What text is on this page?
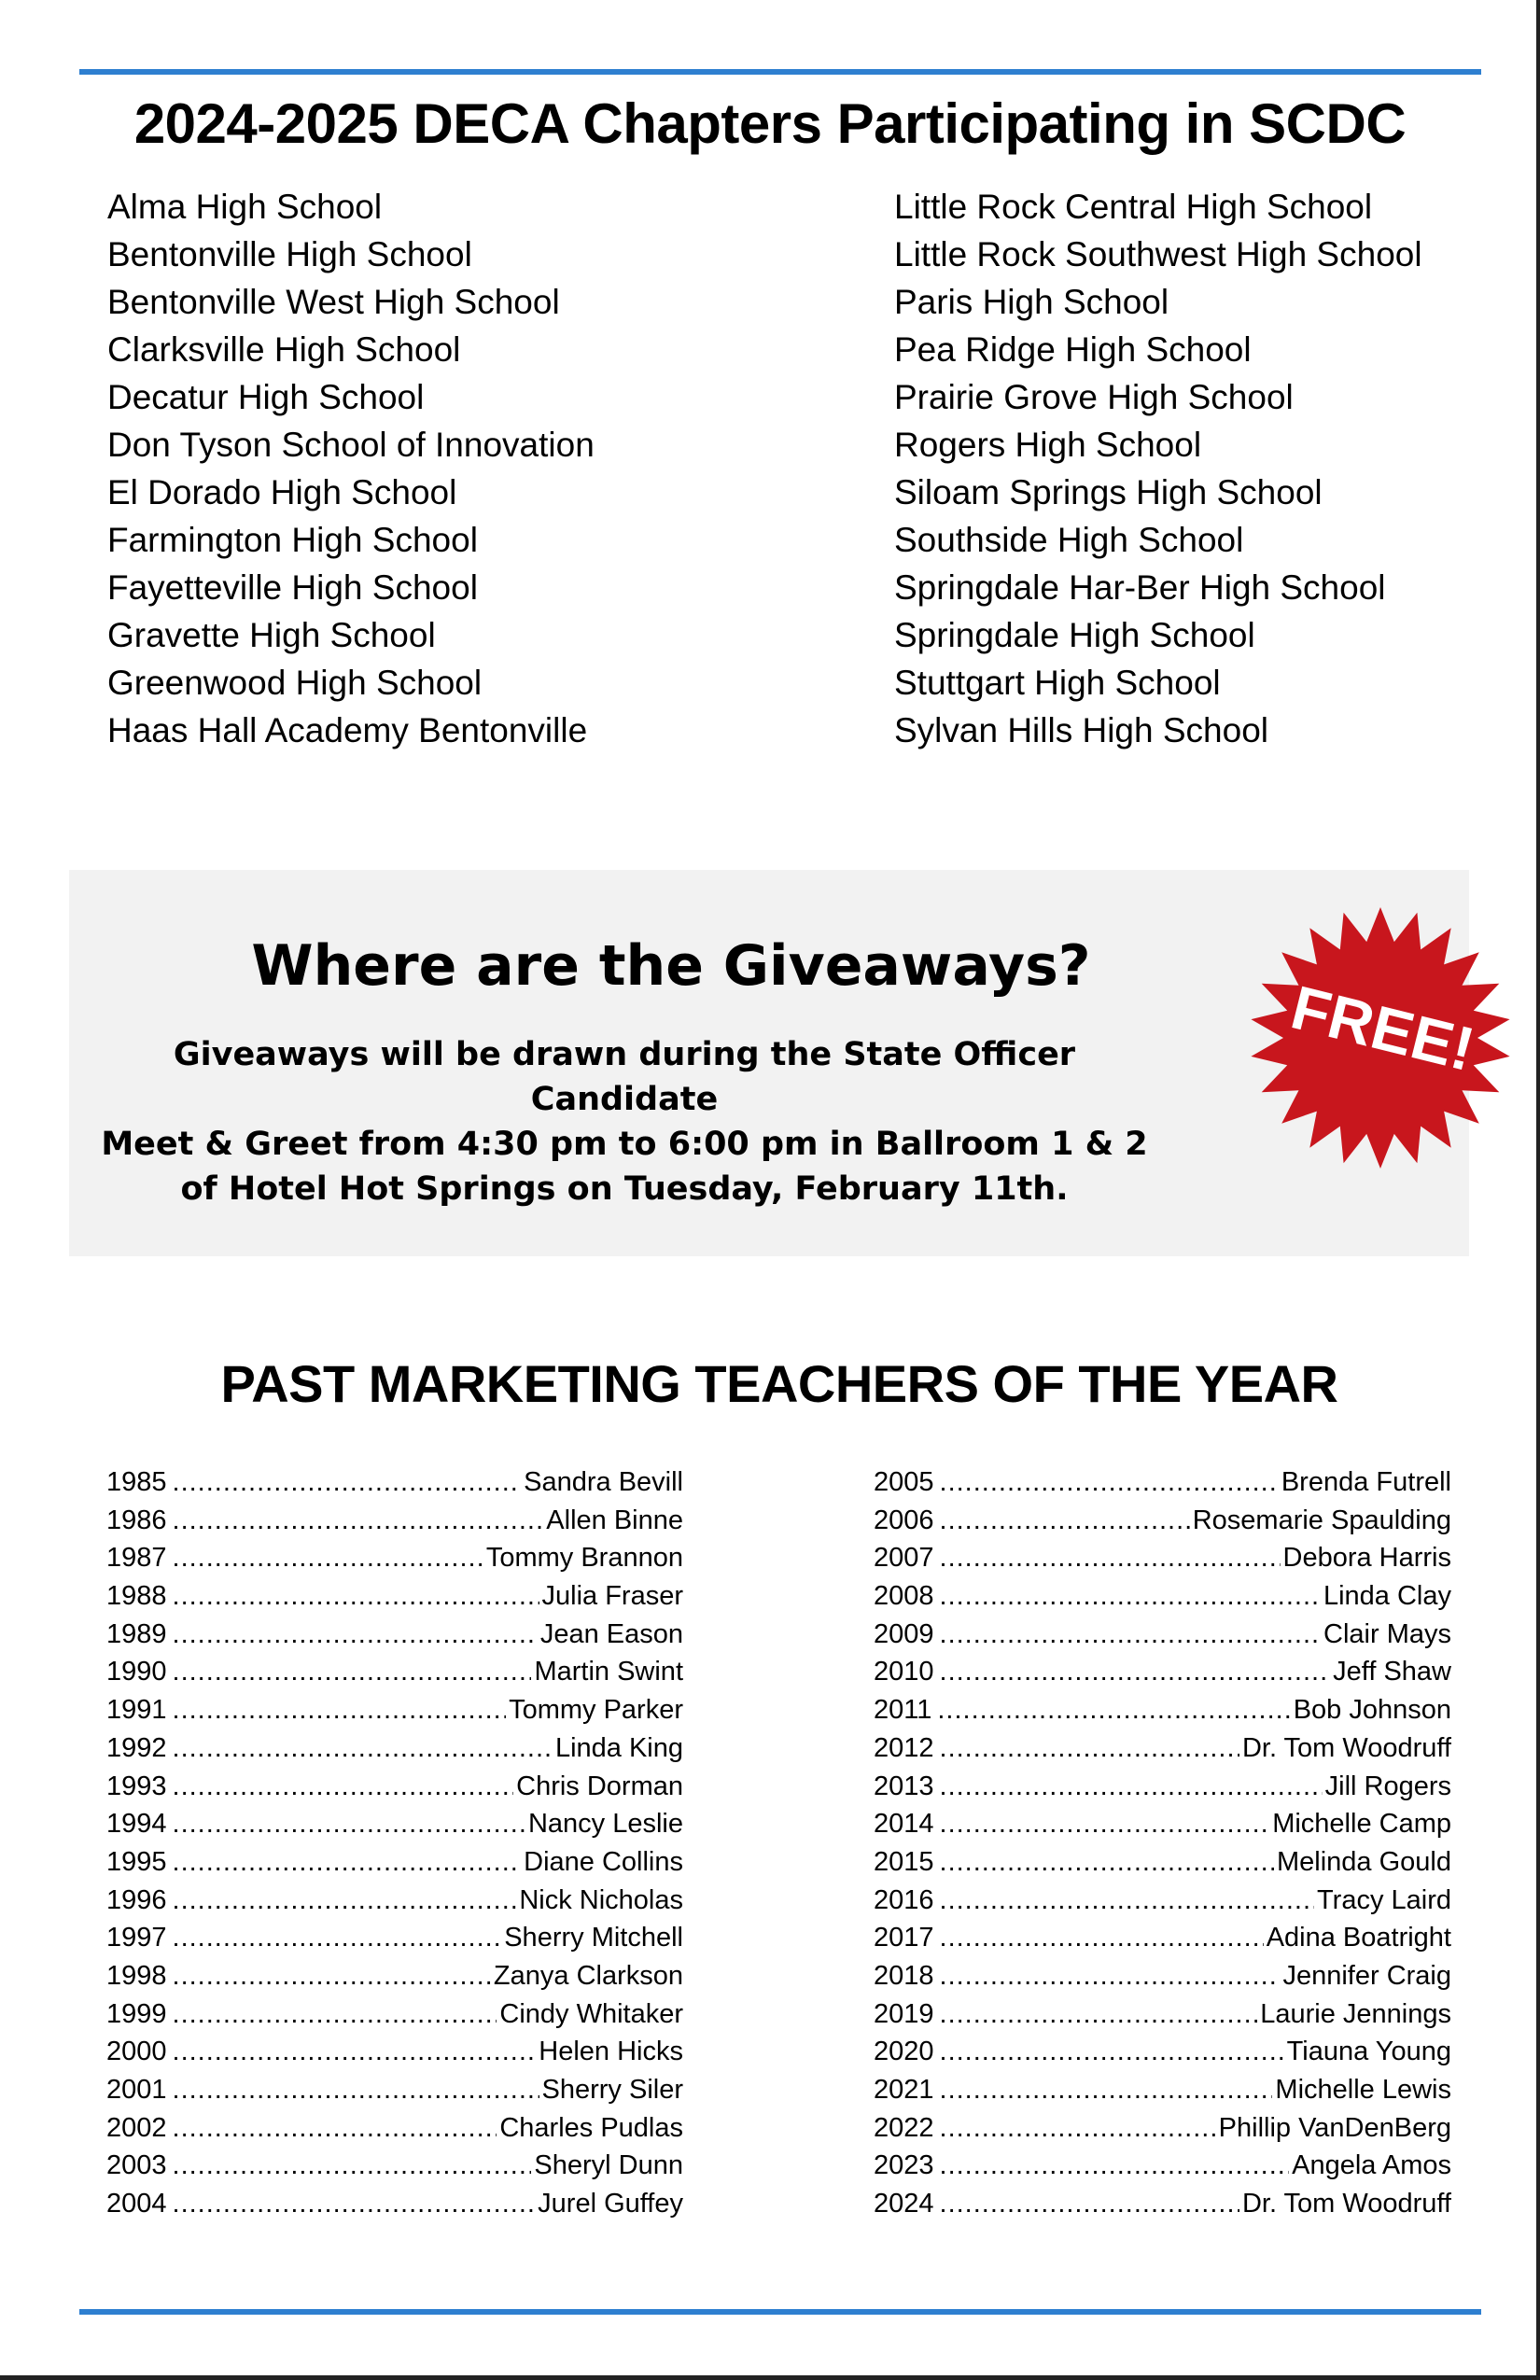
2024-2025 DECA Chapters Participating in SCDC
Alma High School
Bentonville High School
Bentonville West High School
Clarksville High School
Decatur High School
Don Tyson School of Innovation
El Dorado High School
Farmington High School
Fayetteville High School
Gravette High School
Greenwood High School
Haas Hall Academy Bentonville
Little Rock Central High School
Little Rock Southwest High School
Paris High School
Pea Ridge High School
Prairie Grove High School
Rogers High School
Siloam Springs High School
Southside High School
Springdale Har-Ber High School
Springdale High School
Stuttgart High School
Sylvan Hills High School
Where are the Giveaways?
Giveaways will be drawn during the State Officer Candidate
Meet & Greet from 4:30 pm to 6:00 pm in Ballroom 1 & 2
of Hotel Hot Springs on Tuesday, February 11th.
FREE!
PAST MARKETING TEACHERS OF THE YEAR
1985 .....	Sandra Bevill
1986 .....	Allen Binne
1987 .....	Tommy Brannon
1988 .....	Julia Fraser
1989 .....	Jean Eason
1990 .....	Martin Swint
1991 .....	Tommy Parker
1992 .....	Linda King
1993 .....	Chris Dorman
1994 .....	Nancy Leslie
1995 .....	Diane Collins
1996 .....	Nick Nicholas
1997 .....	Sherry Mitchell
1998 .....	Zanya Clarkson
1999 .....	Cindy Whitaker
2000 .....	Helen Hicks
2001 .....	Sherry Siler
2002 .....	Charles Pudlas
2003 .....	Sheryl Dunn
2004 .....	Jurel Guffey
2005 .....	Brenda Futrell
2006 .....	Rosemarie Spaulding
2007 .....	Debora Harris
2008 .....	Linda Clay
2009 .....	Clair Mays
2010 .....	Jeff Shaw
2011 .....	Bob Johnson
2012 .....	Dr. Tom Woodruff
2013 .....	Jill Rogers
2014 .....	Michelle Camp
2015 .....	Melinda Gould
2016 .....	Tracy Laird
2017 .....	Adina Boatright
2018 .....	Jennifer Craig
2019 .....	Laurie Jennings
2020 .....	Tiauna Young
2021 .....	Michelle Lewis
2022 .....	Phillip VanDenBerg
2023 .....	Angela Amos
2024 .....	Dr. Tom Woodruff
